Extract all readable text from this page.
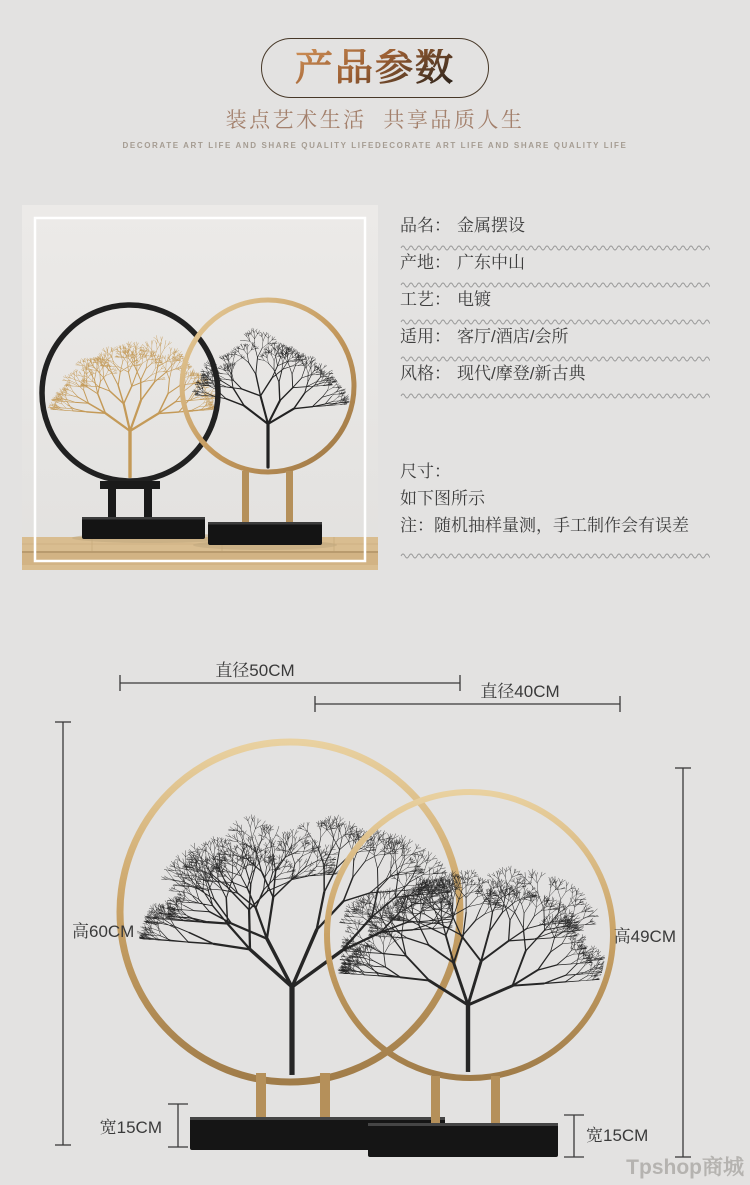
产品参数
装点艺术生活  共享品质人生
DECORATE ART LIFE AND SHARE QUALITY LIFEDECORATE ART LIFE AND SHARE QUALITY LIFE
品名： 金属摆设
产地： 广东中山
工艺： 电镀
适用： 客厅/酒店/会所
风格： 现代/摩登/新古典
尺寸：
如下图所示
注：随机抽样量测，手工制作会有误差
直径50CM
直径40CM
高60CM	高49CM
宽15CM	宽15CM
Tpshop商城
